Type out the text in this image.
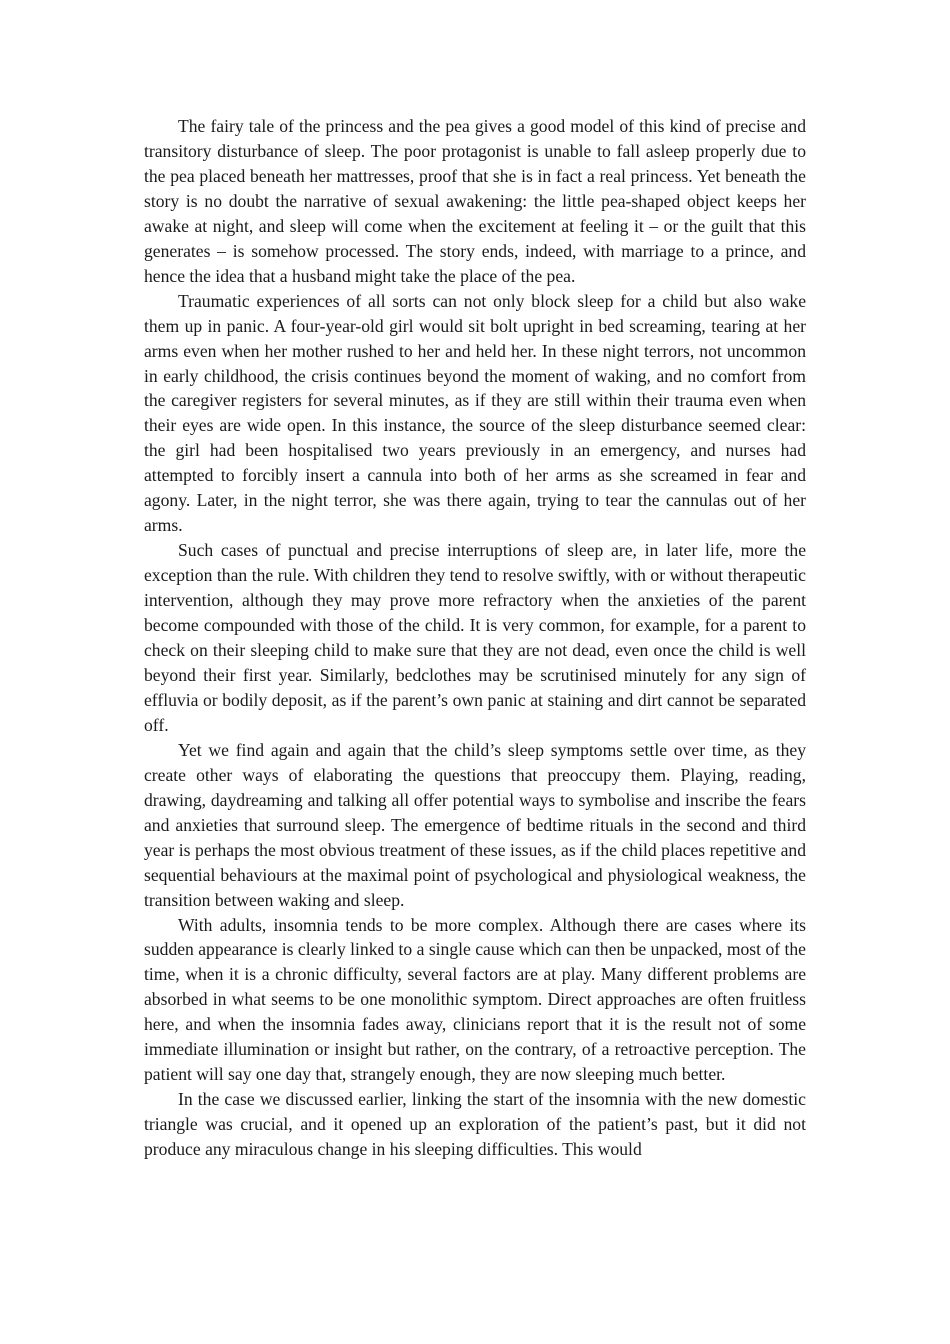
The fairy tale of the princess and the pea gives a good model of this kind of precise and transitory disturbance of sleep. The poor protagonist is unable to fall asleep properly due to the pea placed beneath her mattresses, proof that she is in fact a real princess. Yet beneath the story is no doubt the narrative of sexual awakening: the little pea-shaped object keeps her awake at night, and sleep will come when the excitement at feeling it – or the guilt that this generates – is somehow processed. The story ends, indeed, with marriage to a prince, and hence the idea that a husband might take the place of the pea.

Traumatic experiences of all sorts can not only block sleep for a child but also wake them up in panic. A four-year-old girl would sit bolt upright in bed screaming, tearing at her arms even when her mother rushed to her and held her. In these night terrors, not uncommon in early childhood, the crisis continues beyond the moment of waking, and no comfort from the caregiver registers for several minutes, as if they are still within their trauma even when their eyes are wide open. In this instance, the source of the sleep disturbance seemed clear: the girl had been hospitalised two years previously in an emergency, and nurses had attempted to forcibly insert a cannula into both of her arms as she screamed in fear and agony. Later, in the night terror, she was there again, trying to tear the cannulas out of her arms.

Such cases of punctual and precise interruptions of sleep are, in later life, more the exception than the rule. With children they tend to resolve swiftly, with or without therapeutic intervention, although they may prove more refractory when the anxieties of the parent become compounded with those of the child. It is very common, for example, for a parent to check on their sleeping child to make sure that they are not dead, even once the child is well beyond their first year. Similarly, bedclothes may be scrutinised minutely for any sign of effluvia or bodily deposit, as if the parent’s own panic at staining and dirt cannot be separated off.

Yet we find again and again that the child’s sleep symptoms settle over time, as they create other ways of elaborating the questions that preoccupy them. Playing, reading, drawing, daydreaming and talking all offer potential ways to symbolise and inscribe the fears and anxieties that surround sleep. The emergence of bedtime rituals in the second and third year is perhaps the most obvious treatment of these issues, as if the child places repetitive and sequential behaviours at the maximal point of psychological and physiological weakness, the transition between waking and sleep.

With adults, insomnia tends to be more complex. Although there are cases where its sudden appearance is clearly linked to a single cause which can then be unpacked, most of the time, when it is a chronic difficulty, several factors are at play. Many different problems are absorbed in what seems to be one monolithic symptom. Direct approaches are often fruitless here, and when the insomnia fades away, clinicians report that it is the result not of some immediate illumination or insight but rather, on the contrary, of a retroactive perception. The patient will say one day that, strangely enough, they are now sleeping much better.

In the case we discussed earlier, linking the start of the insomnia with the new domestic triangle was crucial, and it opened up an exploration of the patient’s past, but it did not produce any miraculous change in his sleeping difficulties. This would
